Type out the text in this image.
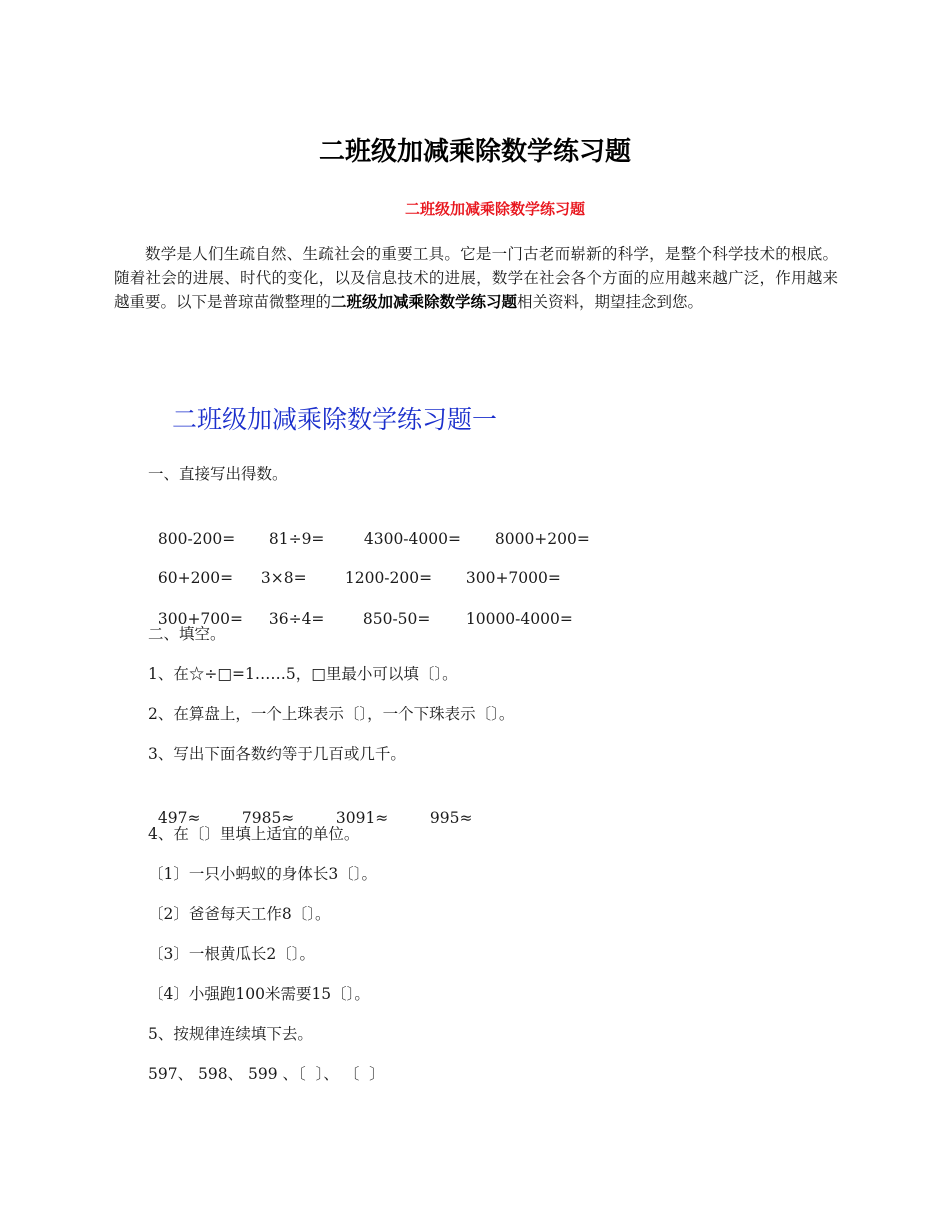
二班级加减乘除数学练习题
二班级加减乘除数学练习题

数学是人们生疏自然、生疏社会的重要工具。它是一门古老而崭新的科学，是整个科学技术的根底。随着社会的进展、时代的变化，以及信息技术的进展，数学在社会各个方面的应用越来越广泛，作用越来越重要。以下是普琼苗微整理的二班级加减乘除数学练习题相关资料，期望挂念到您。

二班级加减乘除数学练习题一
一、直接写出得数。

800-200= 81÷9=	4300-4000= 8000+200=

60+200= 3×8= 1200-200= 300+7000=

300+700= 36÷4= 850-50= 10000-4000=

二、填空。
1、在☆÷□=1……5，□里最小可以填〔〕。
2、在算盘上，一个上珠表示〔〕，一个下珠表示〔〕。
3、写出下面各数约等于几百或几千。

497≈	7985≈	3091≈	995≈

4、在〔〕里填上适宜的单位。
〔1〕一只小蚂蚁的身体长3〔〕。
〔2〕爸爸每天工作8〔〕。
〔3〕一根黄瓜长2〔〕。
〔4〕小强跑100米需要15〔〕。
5、按规律连续填下去。
597、 598、 599 、〔  〕、 〔  〕
